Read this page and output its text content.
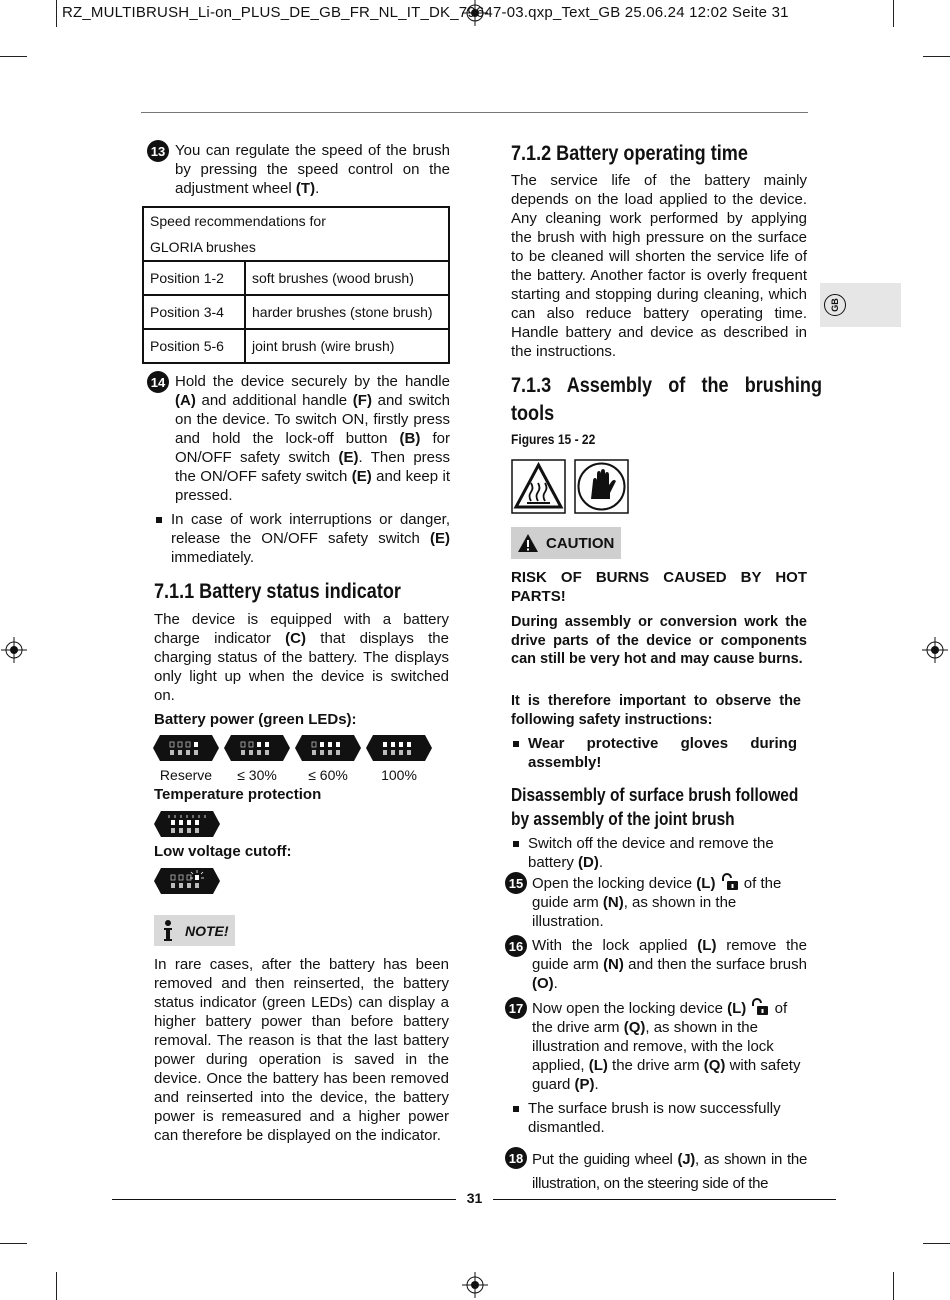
RZ_MULTIBRUSH_Li-on_PLUS_DE_GB_FR_NL_IT_DK_79647-03.qxp_Text_GB 25.06.24 12:02 Seite 31
GB
13 You can regulate the speed of the brush by pressing the speed control on the adjustment wheel (T).
Speed recommendations for
GLORIA brushes	

Position 1-2	soft brushes (wood brush)
Position 3-4	harder brushes (stone brush)
Position 5-6	joint brush (wire brush)
14 Hold the device securely by the handle (A) and additional handle (F) and switch on the device. To switch ON, firstly press and hold the lock-off button (B) for ON/OFF safety switch (E). Then press the ON/OFF safety switch (E) and keep it pressed.
In case of work interruptions or danger, release the ON/OFF safety switch (E) immediately.
7.1.1 Battery status indicator
The device is equipped with a battery charge indicator (C) that displays the charging status of the battery. The displays only light up when the device is switched on.
Battery power (green LEDs):
Reserve	≤ 30%	≤ 60%	100%
Temperature protection
Low voltage cutoff:
NOTE!
In rare cases, after the battery has been removed and then reinserted, the battery status indicator (green LEDs) can display a higher battery power than before battery removal. The reason is that the last battery power during operation is saved in the device. Once the battery has been removed and reinserted into the device, the battery power is remeasured and a higher power can therefore be displayed on the indicator.
7.1.2 Battery operating time
The service life of the battery mainly depends on the load applied to the device. Any cleaning work performed by applying the brush with high pressure on the surface to be cleaned will shorten the service life of the battery. Another factor is overly frequent starting and stopping during cleaning, which can also reduce battery operating time. Handle battery and device as described in the instructions.
7.1.3 Assembly of the brushing
tools
Figures 15 - 22
CAUTION
RISK OF BURNS CAUSED BY HOT PARTS!
During assembly or conversion work the drive parts of the device or components can still be very hot and may cause burns.
It is therefore important to observe the following safety instructions:
Wear protective gloves during assembly!
Disassembly of surface brush followed by assembly of the joint brush
Switch off the device and remove the battery (D).
15 Open the locking device (L)  of the guide arm (N), as shown in the illustration.
16 With the lock applied (L) remove the guide arm (N) and then the surface brush (O).
17 Now open the locking device (L)  of the drive arm (Q), as shown in the illustration and remove, with the lock applied, (L) the drive arm (Q) with safety guard (P).
The surface brush is now successfully dismantled.
18 Put the guiding wheel (J), as shown in the illustration, on the steering side of the
31
